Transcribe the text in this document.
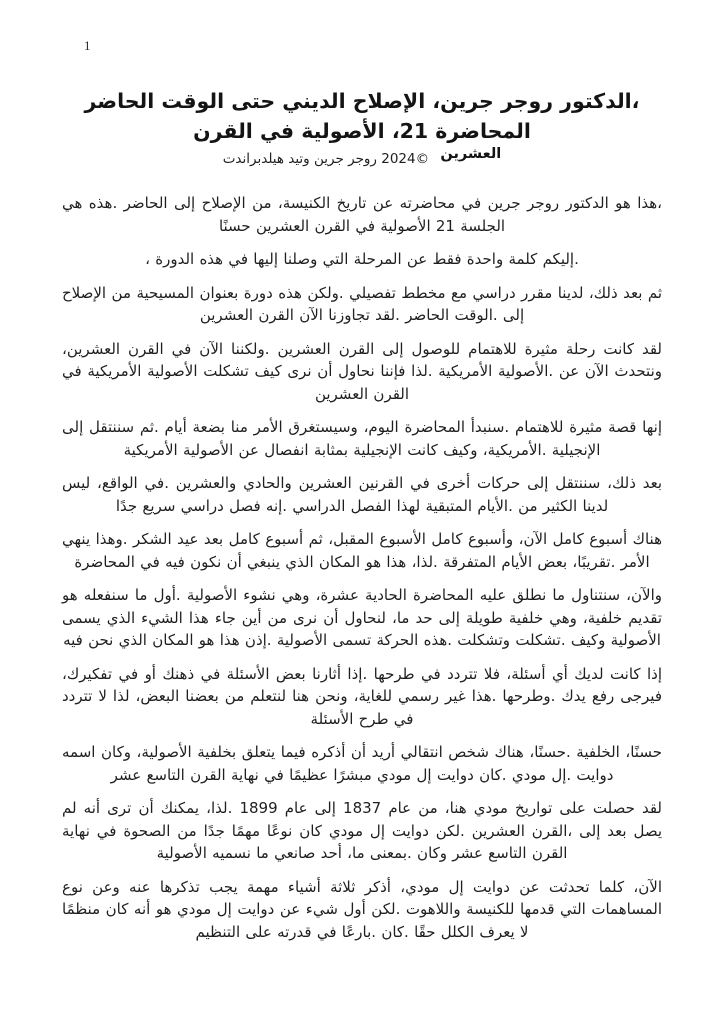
1
،الدكتور روجر جرين، الإصلاح الديني حتى الوقت الحاضر
المحاضرة 21، الأصولية في القرن
العشرين ©2024 روجر جرين وتيد هيلدبراندت

،هذا هو الدكتور روجر جرين في محاضرته عن تاريخ الكنيسة، من الإصلاح إلى الحاضر .هذه هي الجلسة 21 الأصولية في القرن العشرين حسنًا

.إليكم كلمة واحدة فقط عن المرحلة التي وصلنا إليها في هذه الدورة ،

ثم بعد ذلك، لدينا مقرر دراسي مع مخطط تفصيلي .ولكن هذه دورة بعنوان المسيحية من الإصلاح إلى .الوقت الحاضر .لقد تجاوزنا الآن القرن العشرين

لقد كانت رحلة مثيرة للاهتمام للوصول إلى القرن العشرين .ولكننا الآن في القرن العشرين، ونتحدث الآن عن .الأصولية الأمريكية .لذا فإننا نحاول أن نرى كيف تشكلت الأصولية الأمريكية في القرن العشرين

إنها قصة مثيرة للاهتمام .سنبدأ المحاضرة اليوم، وسيستغرق الأمر منا بضعة أيام .ثم سننتقل إلى الإنجيلية .الأمريكية، وكيف كانت الإنجيلية بمثابة انفصال عن الأصولية الأمريكية

بعد ذلك، سننتقل إلى حركات أخرى في القرنين العشرين والحادي والعشرين .في الواقع، ليس لدينا الكثير من .الأيام المتبقية لهذا الفصل الدراسي .إنه فصل دراسي سريع جدًا

هناك أسبوع كامل الآن، وأسبوع كامل الأسبوع المقبل، ثم أسبوع كامل بعد عيد الشكر .وهذا ينهي الأمر .تقريبًا، بعض الأيام المتفرقة .لذا، هذا هو المكان الذي ينبغي أن نكون فيه في المحاضرة

والآن، سنتناول ما نطلق عليه المحاضرة الحادية عشرة، وهي نشوء الأصولية .أول ما سنفعله هو تقديم خلفية، وهي خلفية طويلة إلى حد ما، لنحاول أن نرى من أين جاء هذا الشيء الذي يسمى الأصولية وكيف .تشكلت وتشكلت .هذه الحركة تسمى الأصولية .إذن هذا هو المكان الذي نحن فيه

إذا كانت لديك أي أسئلة، فلا تتردد في طرحها .إذا أثارنا بعض الأسئلة في ذهنك أو في تفكيرك، فيرجى رفع يدك .وطرحها .هذا غير رسمي للغاية، ونحن هنا لنتعلم من بعضنا البعض، لذا لا تتردد في طرح الأسئلة

حسنًا، الخلفية .حسنًا، هناك شخص انتقالي أريد أن أذكره فيما يتعلق بخلفية الأصولية، وكان اسمه دوايت .إل مودي .كان دوايت إل مودي مبشرًا عظيمًا في نهاية القرن التاسع عشر

لقد حصلت على تواريخ مودي هنا، من عام 1837 إلى عام 1899 .لذا، يمكنك أن ترى أنه لم يصل بعد إلى ،القرن العشرين .لكن دوايت إل مودي كان نوعًا مهمًا جدًا من الصحوة في نهاية القرن التاسع عشر وكان .بمعنى ما، أحد صانعي ما نسميه الأصولية

الآن، كلما تحدثت عن دوايت إل مودي، أذكر ثلاثة أشياء مهمة يجب تذكرها عنه وعن نوع المساهمات التي قدمها للكنيسة واللاهوت .لكن أول شيء عن دوايت إل مودي هو أنه كان منظمًا لا يعرف الكلل حقًا .كان .بارعًا في قدرته على التنظيم
